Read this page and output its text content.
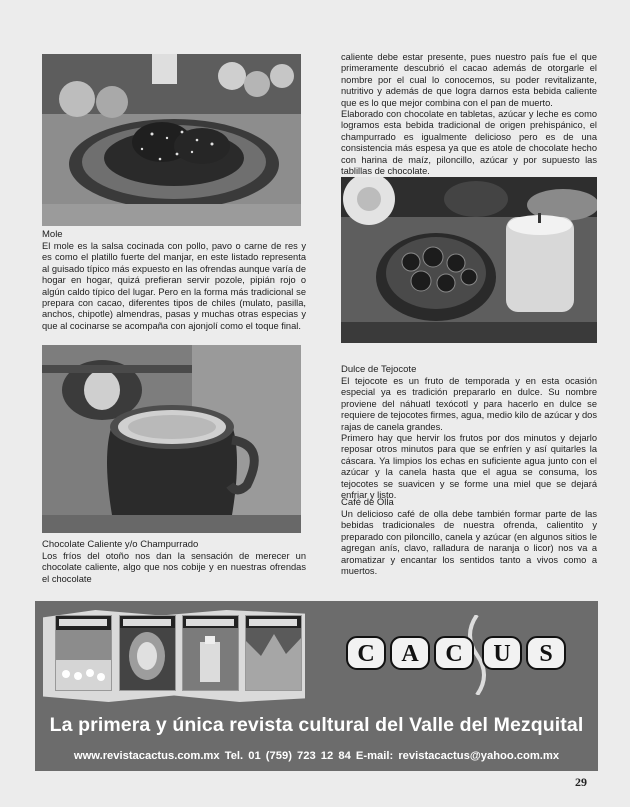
Mole

El mole es la salsa cocinada con pollo, pavo o carne de res y es como el platillo fuerte del manjar, en este listado representa al guisado típico más expuesto en las ofrendas aunque varía de hogar en hogar, quizá prefieran servir pozole, pipián rojo o algún caldo típico del lugar. Pero en la forma más tradicional se prepara con cacao, diferentes tipos de chiles (mulato, pasilla, anchos, chipotle) almendras, pasas y muchas otras especias y que al cocinarse se acompaña con ajonjolí como el toque final.

Chocolate Caliente y/o Champurrado

Los fríos del otoño nos dan la sensación de merecer un chocolate caliente, algo que nos cobije y en nuestras ofrendas el chocolate

caliente debe estar presente, pues nuestro país fue el que primeramente descubrió el cacao además de otorgarle el nombre por el cual lo conocemos, su poder revitalizante, nutritivo y además de que logra darnos esta bebida caliente que es lo que mejor combina con el pan de muerto.

Elaborado con chocolate en tabletas, azúcar y leche es como logramos esta bebida tradicional de origen prehispánico, el champurrado es igualmente delicioso pero es de una consistencia más espesa ya que es atole de chocolate hecho con harina de maíz, piloncillo, azúcar y por supuesto las tablillas de chocolate.

Dulce de Tejocote

El tejocote es un fruto de temporada y en esta ocasión especial ya es tradición prepararlo en dulce. Su nombre proviene del náhuatl texócotl y para hacerlo en dulce se requiere de tejocotes firmes, agua, medio kilo de azúcar y dos rajas de canela grandes.

Primero hay que hervir los frutos por dos minutos y dejarlo reposar otros minutos para que se enfríen y así quitarles la cáscara. Ya limpios los echas en suficiente agua junto con el azúcar y la canela hasta que el agua se consuma, los tejocotes se suavicen y se forme una miel que se dejará enfriar y listo.

Café de Olla

Un delicioso café de olla debe también formar parte de las bebidas tradicionales de nuestra ofrenda, calientito y preparado con piloncillo, canela y azúcar (en algunos sitios le agregan anís, clavo, ralladura de naranja o licor) nos va a aromatizar y encantar los sentidos tanto a vivos como a muertos.

C A C U S
La primera y única revista cultural del Valle del Mezquital
www.revistacactus.com.mx Tel. 01 (759) 723 12 84 E-mail: revistacactus@yahoo.com.mx
29
